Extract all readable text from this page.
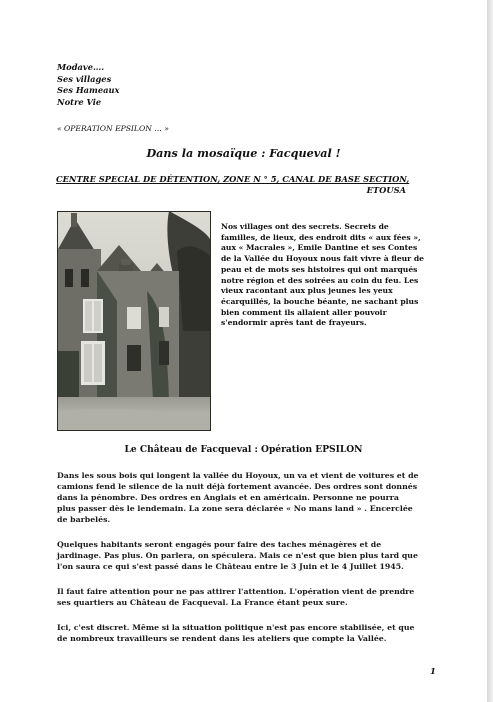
Modave….
Ses villages
Ses Hameaux
Notre Vie
« OPERATION EPSILON … »
Dans la mosaïque : Facqueval !
CENTRE SPECIAL DE DÉTENTION, ZONE N ° 5, CANAL DE BASE SECTION,
ETOUSA
Nos villages ont des secrets. Secrets de
familles, de lieux, des endroit dits « aux fées »,
aux « Macrales », Emile Dantine et ses Contes
de la Vallée du Hoyoux nous fait vivre à fleur de
peau et de mots ses histoires qui ont marqués
notre région et des soirées au coin du feu. Les
vieux racontant aux plus jeunes les yeux
écarquillés, la bouche béante, ne sachant plus
bien comment ils allaient aller pouvoir
s'endormir après tant de frayeurs.
Le Château de Facqueval : Opération EPSILON
Dans les sous bois qui longent la vallée du Hoyoux, un va et vient de voitures et de
camions fend le silence de la nuit déjà fortement avancée. Des ordres sont donnés
dans la pénombre. Des ordres en Anglais et en américain. Personne ne pourra
plus passer dès le lendemain. La zone sera déclarée « No mans land » . Encerclée
de barbelés.
Quelques habitants seront engagés pour faire des taches ménagères et de
jardinage. Pas plus. On parlera, on spéculera. Mais ce n'est que bien plus tard que
l'on saura ce qui s'est passé dans le Château entre le 3 Juin et le 4 Juillet 1945.
Il faut faire attention pour ne pas attirer l'attention. L'opération vient de prendre
ses quartiers au Château de Facqueval. La France étant peux sure.
Ici, c'est discret. Même si la situation politique n'est pas encore stabilisée, et que
de nombreux travailleurs se rendent dans les ateliers que compte la Vallée.
1
